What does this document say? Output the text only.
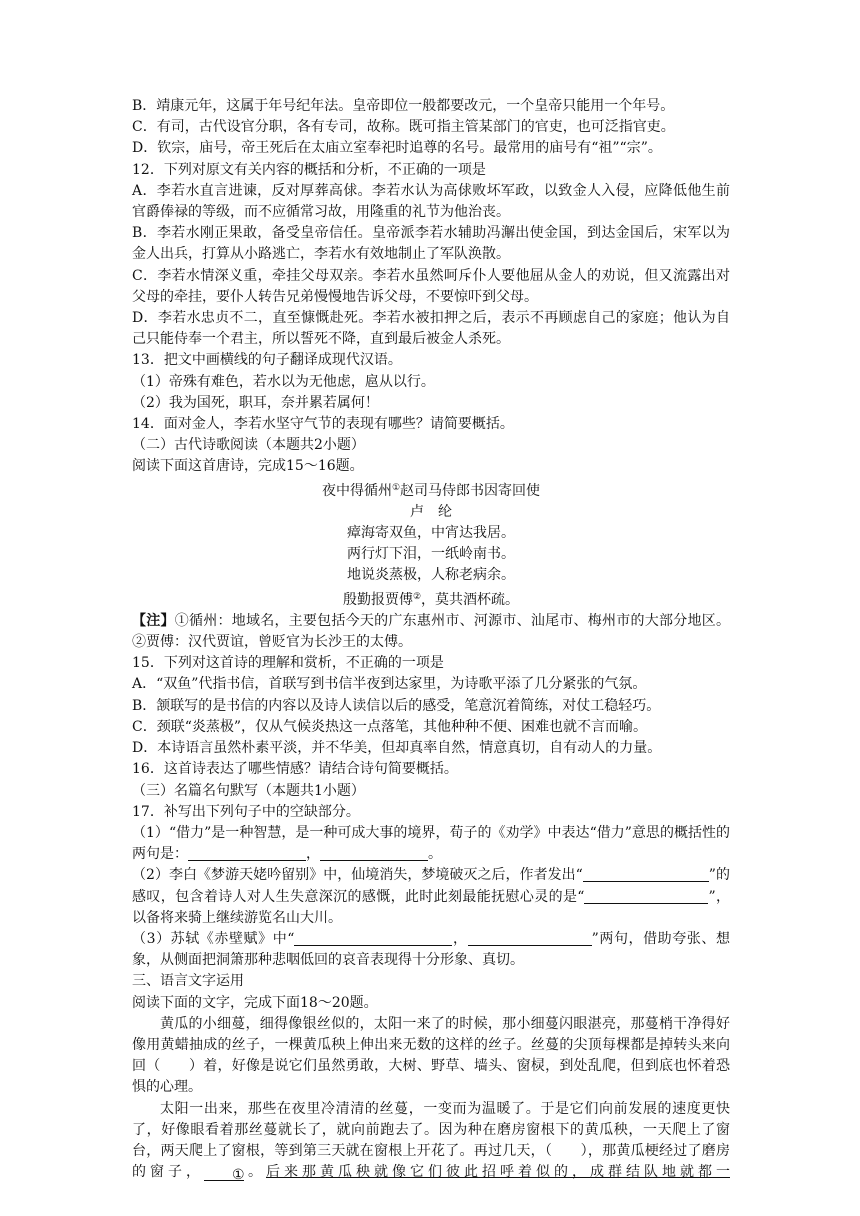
B．靖康元年，这属于年号纪年法。皇帝即位一般都要改元，一个皇帝只能用一个年号。

C．有司，古代设官分职，各有专司，故称。既可指主管某部门的官吏，也可泛指官吏。

D．钦宗，庙号，帝王死后在太庙立室奉祀时追尊的名号。最常用的庙号有“祖”“宗”。

12．下列对原文有关内容的概括和分析，不正确的一项是

A．李若水直言进谏，反对厚葬高俅。李若水认为高俅败坏军政，以致金人入侵，应降低他生前官爵俸禄的等级，而不应循常习故，用隆重的礼节为他治丧。

B．李若水刚正果敢，备受皇帝信任。皇帝派李若水辅助冯澥出使金国，到达金国后，宋军以为金人出兵，打算从小路逃亡，李若水有效地制止了军队涣散。

C．李若水情深义重，牵挂父母双亲。李若水虽然呵斥仆人要他屈从金人的劝说，但又流露出对父母的牵挂，要仆人转告兄弟慢慢地告诉父母，不要惊吓到父母。

D．李若水忠贞不二，直至慷慨赴死。李若水被扣押之后，表示不再顾虑自己的家庭；他认为自己只能侍奉一个君主，所以誓死不降，直到最后被金人杀死。

13．把文中画横线的句子翻译成现代汉语。

（1）帝殊有难色，若水以为无他虑，扈从以行。

（2）我为国死，职耳，奈并累若属何！

14．面对金人，李若水坚守气节的表现有哪些？请简要概括。

（二）古代诗歌阅读（本题共2小题）

阅读下面这首唐诗，完成15～16题。

夜中得循州①赵司马侍郎书因寄回使

卢　纶

瘴海寄双鱼，中宵达我居。

两行灯下泪，一纸岭南书。

地说炎蒸极，人称老病余。

殷勤报贾傅②，莫共酒杯疏。

【注】①循州：地域名，主要包括今天的广东惠州市、河源市、汕尾市、梅州市的大部分地区。②贾傅：汉代贾谊，曾贬官为长沙王的太傅。

15．下列对这首诗的理解和赏析，不正确的一项是

A．“双鱼”代指书信，首联写到书信半夜到达家里，为诗歌平添了几分紧张的气氛。

B．颔联写的是书信的内容以及诗人读信以后的感受，笔意沉着简练，对仗工稳轻巧。

C．颈联“炎蒸极”，仅从气候炎热这一点落笔，其他种种不便、困难也就不言而喻。

D．本诗语言虽然朴素平淡，并不华美，但却真率自然，情意真切，自有动人的力量。

16．这首诗表达了哪些情感？请结合诗句简要概括。

（三）名篇名句默写（本题共1小题）

17．补写出下列句子中的空缺部分。

（1）“借力”是一种智慧，是一种可成大事的境界，荀子的《劝学》中表达“借力”意思的概括性的两句是：	，	。

（2）李白《梦游天姥吟留别》中，仙境消失，梦境破灭之后，作者发出“	”的感叹，包含着诗人对人生失意深沉的感慨，此时此刻最能抚慰心灵的是“	”，以备将来骑上继续游览名山大川。

（3）苏轼《赤壁赋》中“	，	”两句，借助夸张、想象，从侧面把洞箫那种悲咽低回的哀音表现得十分形象、真切。

三、语言文字运用

阅读下面的文字，完成下面18～20题。

黄瓜的小细蔓，细得像银丝似的，太阳一来了的时候，那小细蔓闪眼湛亮，那蔓梢干净得好像用黄蜡抽成的丝子，一棵黄瓜秧上伸出来无数的这样的丝子。丝蔓的尖顶每棵都是掉转头来向回（　　）着，好像是说它们虽然勇敢，大树、野草、墙头、窗棂，到处乱爬，但到底也怀着恐惧的心理。

太阳一出来，那些在夜里冷清清的丝蔓，一变而为温暖了。于是它们向前发展的速度更快了，好像眼看着那丝蔓就长了，就向前跑去了。因为种在磨房窗根下的黄瓜秧，一天爬上了窗台，两天爬上了窗根，等到第三天就在窗根上开花了。再过几天，（　　），那黄瓜梗经过了磨房的窗子， ①。后来那黄瓜秧就像它们彼此招呼着似的，成群结队地就都一
